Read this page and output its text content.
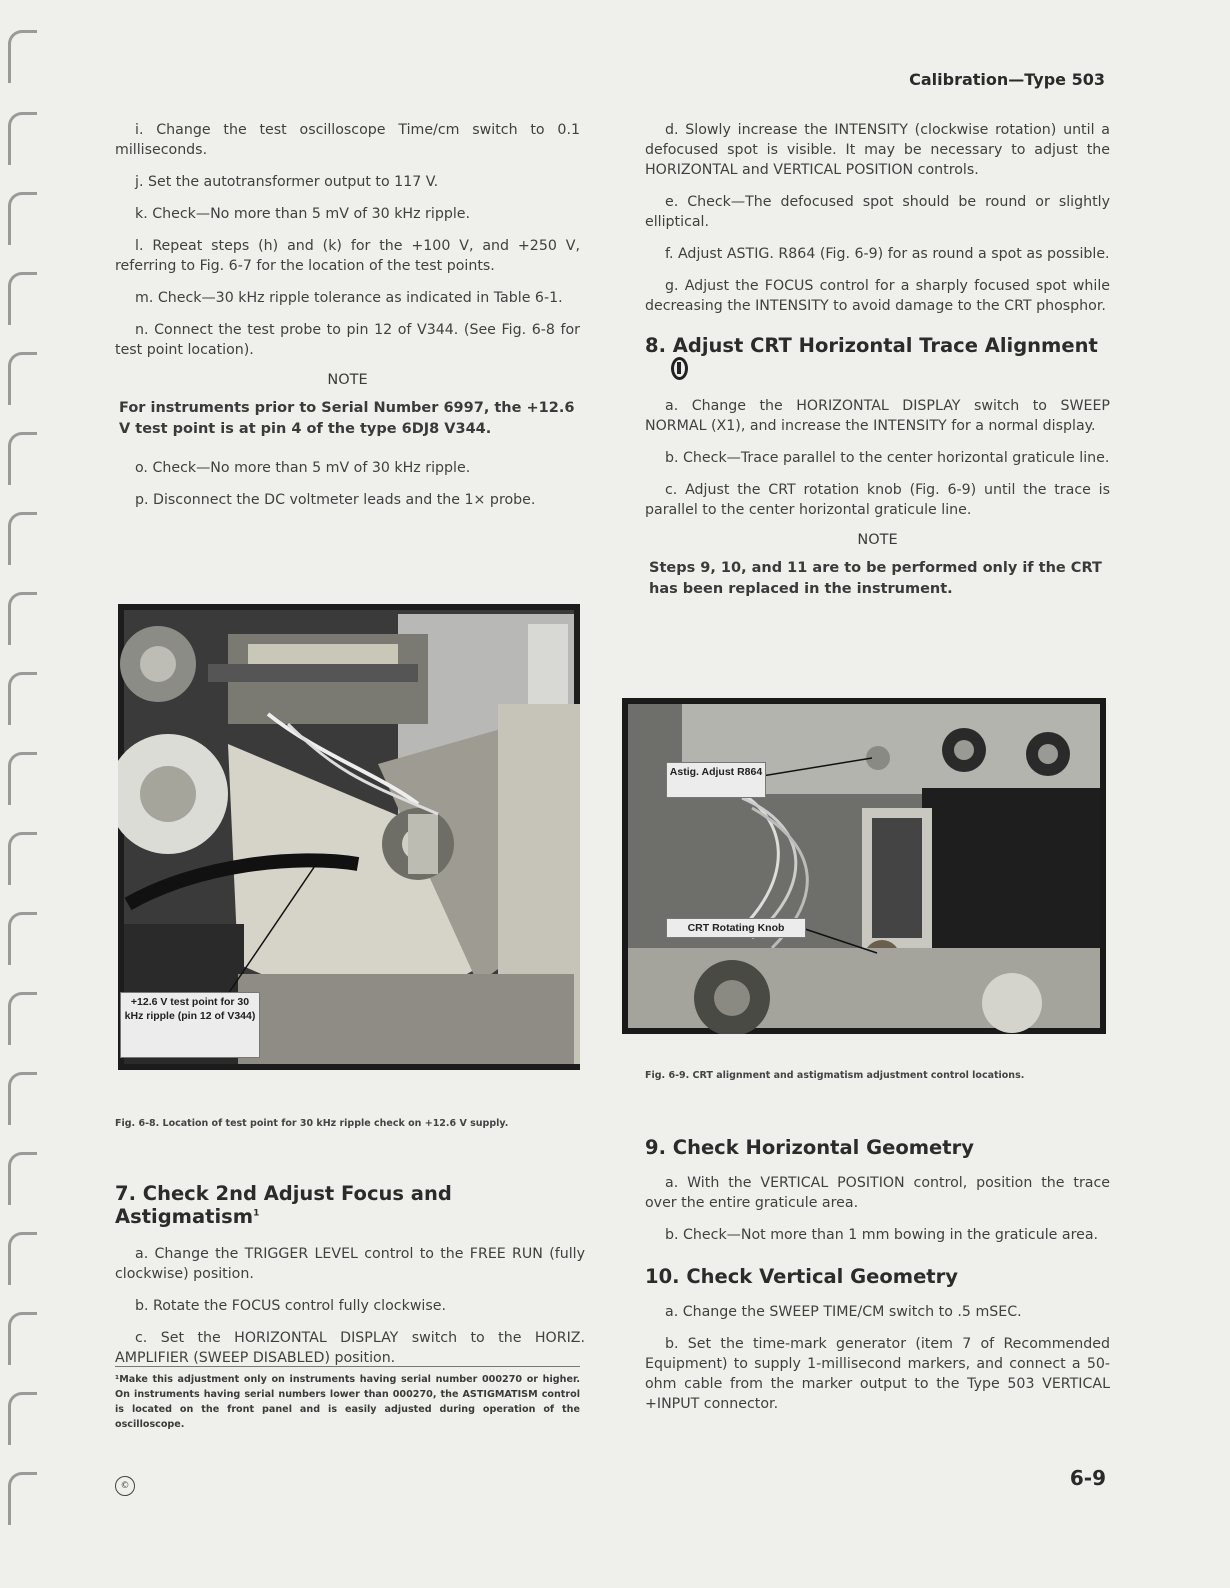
Calibration—Type 503

i. Change the test oscilloscope Time/cm switch to 0.1 milliseconds.

j. Set the autotransformer output to 117 V.

k. Check—No more than 5 mV of 30 kHz ripple.

l. Repeat steps (h) and (k) for the +100 V, and +250 V, referring to Fig. 6-7 for the location of the test points.

m. Check—30 kHz ripple tolerance as indicated in Table 6-1.

n. Connect the test probe to pin 12 of V344. (See Fig. 6-8 for test point location).

NOTE
For instruments prior to Serial Number 6997, the +12.6 V test point is at pin 4 of the type 6DJ8 V344.

o. Check—No more than 5 mV of 30 kHz ripple.

p. Disconnect the DC voltmeter leads and the 1× probe.

+12.6 V test point for 30 kHz ripple (pin 12 of V344)
Fig. 6-8. Location of test point for 30 kHz ripple check on +12.6 V supply.
7. Check 2nd Adjust Focus and Astigmatism$^1$

a. Change the TRIGGER LEVEL control to the FREE RUN (fully clockwise) position.

b. Rotate the FOCUS control fully clockwise.

c. Set the HORIZONTAL DISPLAY switch to the HORIZ. AMPLIFIER (SWEEP DISABLED) position.

¹Make this adjustment only on instruments having serial number 000270 or higher. On instruments having serial numbers lower than 000270, the ASTIGMATISM control is located on the front panel and is easily adjusted during operation of the oscilloscope.

d. Slowly increase the INTENSITY (clockwise rotation) until a defocused spot is visible. It may be necessary to adjust the HORIZONTAL and VERTICAL POSITION controls.

e. Check—The defocused spot should be round or slightly elliptical.

f. Adjust ASTIG. R864 (Fig. 6-9) for as round a spot as possible.

g. Adjust the FOCUS control for a sharply focused spot while decreasing the INTENSITY to avoid damage to the CRT phosphor.

8. Adjust CRT Horizontal Trace Alignment

a. Change the HORIZONTAL DISPLAY switch to SWEEP NORMAL (X1), and increase the INTENSITY for a normal display.

b. Check—Trace parallel to the center horizontal graticule line.

c. Adjust the CRT rotation knob (Fig. 6-9) until the trace is parallel to the center horizontal graticule line.

NOTE
Steps 9, 10, and 11 are to be performed only if the CRT has been replaced in the instrument.
Astig. Adjust R864
CRT Rotating Knob
Fig. 6-9. CRT alignment and astigmatism adjustment control locations.
9. Check Horizontal Geometry

a. With the VERTICAL POSITION control, position the trace over the entire graticule area.

b. Check—Not more than 1 mm bowing in the graticule area.

10. Check Vertical Geometry

a. Change the SWEEP TIME/CM switch to .5 mSEC.

b. Set the time-mark generator (item 7 of Recommended Equipment) to supply 1-millisecond markers, and connect a 50-ohm cable from the marker output to the Type 503 VERTICAL +INPUT connector.

©	6-9
